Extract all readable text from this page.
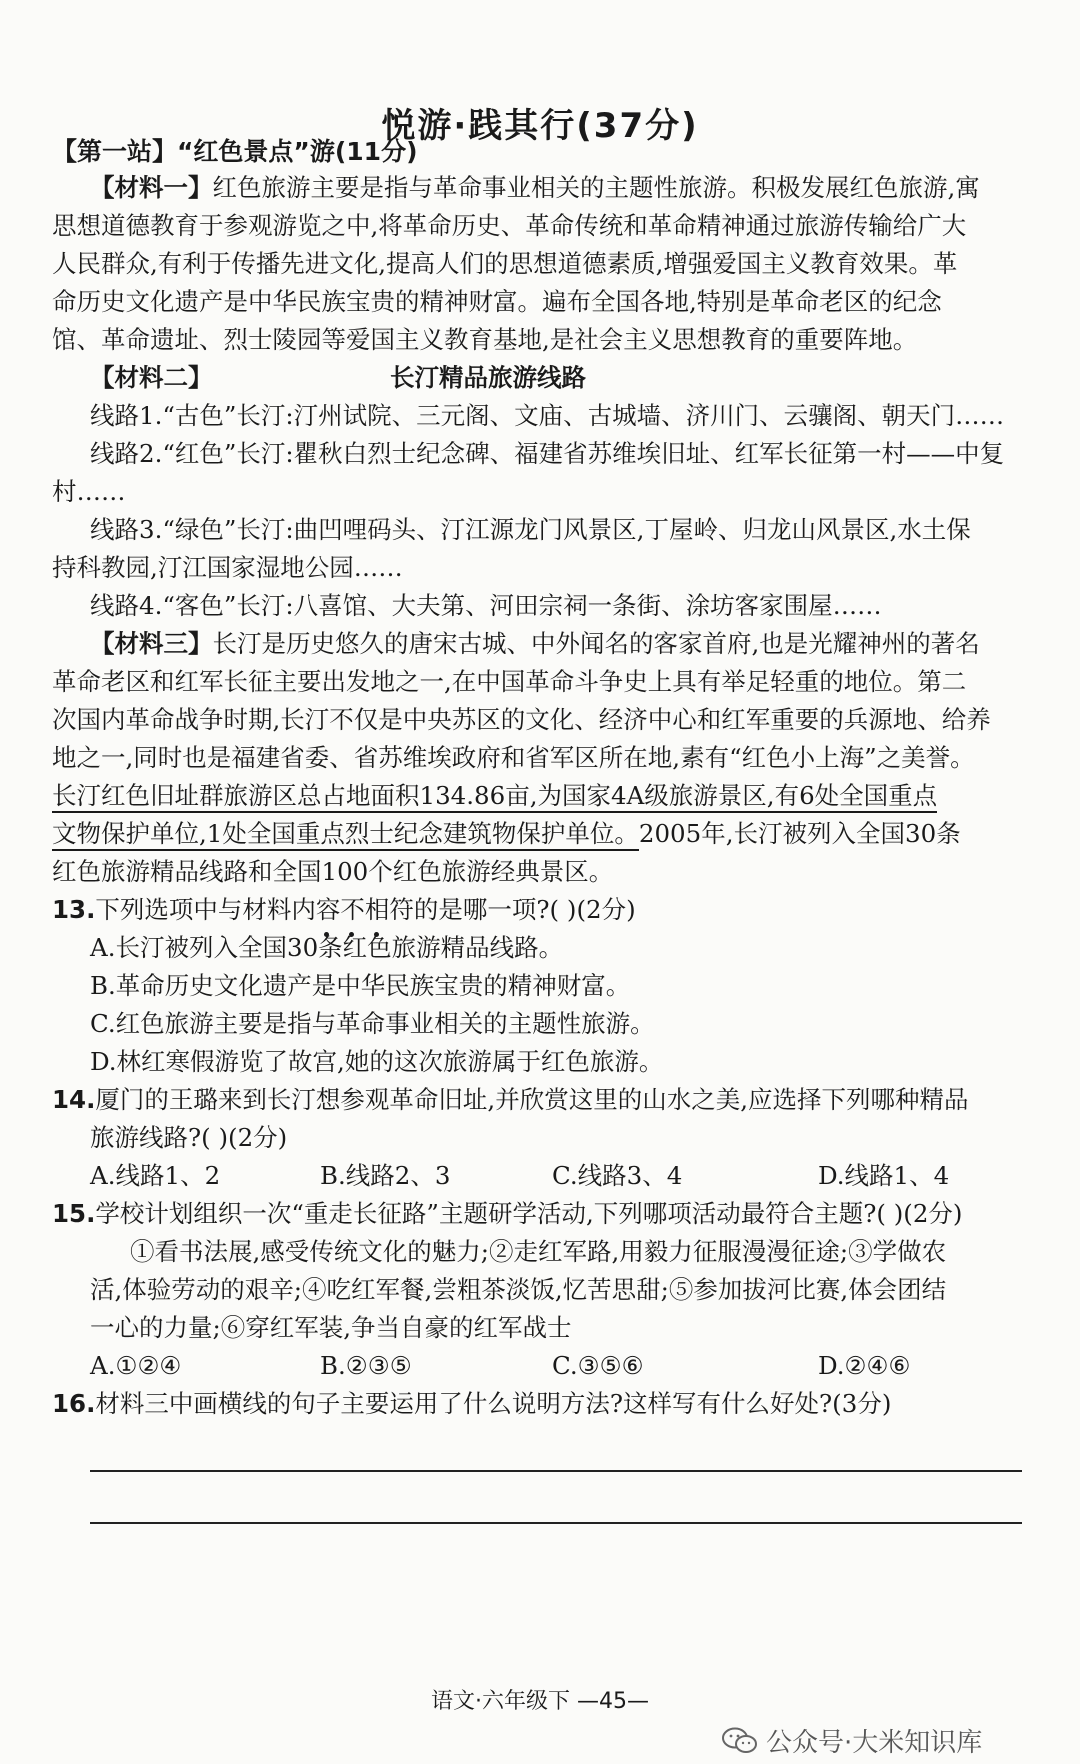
悦游·践其行(37分)
【第一站】“红色景点”游(11分)
【材料一】红色旅游主要是指与革命事业相关的主题性旅游。积极发展红色旅游,寓
思想道德教育于参观游览之中,将革命历史、革命传统和革命精神通过旅游传输给广大
人民群众,有利于传播先进文化,提高人们的思想道德素质,增强爱国主义教育效果。革
命历史文化遗产是中华民族宝贵的精神财富。遍布全国各地,特别是革命老区的纪念
馆、革命遗址、烈士陵园等爱国主义教育基地,是社会主义思想教育的重要阵地。
【材料二】	长汀精品旅游线路
线路1.“古色”长汀:汀州试院、三元阁、文庙、古城墙、济川门、云骧阁、朝天门……
线路2.“红色”长汀:瞿秋白烈士纪念碑、福建省苏维埃旧址、红军长征第一村——中复
村……
线路3.“绿色”长汀:曲凹哩码头、汀江源龙门风景区,丁屋岭、归龙山风景区,水土保
持科教园,汀江国家湿地公园……
线路4.“客色”长汀:八喜馆、大夫第、河田宗祠一条街、涂坊客家围屋……
【材料三】长汀是历史悠久的唐宋古城、中外闻名的客家首府,也是光耀神州的著名
革命老区和红军长征主要出发地之一,在中国革命斗争史上具有举足轻重的地位。第二
次国内革命战争时期,长汀不仅是中央苏区的文化、经济中心和红军重要的兵源地、给养
地之一,同时也是福建省委、省苏维埃政府和省军区所在地,素有“红色小上海”之美誉。
长汀红色旧址群旅游区总占地面积134.86亩,为国家4A级旅游景区,有6处全国重点
文物保护单位,1处全国重点烈士纪念建筑物保护单位。2005年,长汀被列入全国30条
红色旅游精品线路和全国100个红色旅游经典景区。
13.下列选项中与材料内容不相符的是哪一项?( )(2分)
A.长汀被列入全国30条红色旅游精品线路。
B.革命历史文化遗产是中华民族宝贵的精神财富。
C.红色旅游主要是指与革命事业相关的主题性旅游。
D.林红寒假游览了故宫,她的这次旅游属于红色旅游。
14.厦门的王璐来到长汀想参观革命旧址,并欣赏这里的山水之美,应选择下列哪种精品
旅游线路?( )(2分)
A.线路1、2	B.线路2、3	C.线路3、4	D.线路1、4
15.学校计划组织一次“重走长征路”主题研学活动,下列哪项活动最符合主题?( )(2分)
①看书法展,感受传统文化的魅力;②走红军路,用毅力征服漫漫征途;③学做农
活,体验劳动的艰辛;④吃红军餐,尝粗茶淡饭,忆苦思甜;⑤参加拔河比赛,体会团结
一心的力量;⑥穿红军装,争当自豪的红军战士
A.①②④	B.②③⑤	C.③⑤⑥	D.②④⑥
16.材料三中画横线的句子主要运用了什么说明方法?这样写有什么好处?(3分)
语文·六年级下 —45—
公众号·大米知识库
